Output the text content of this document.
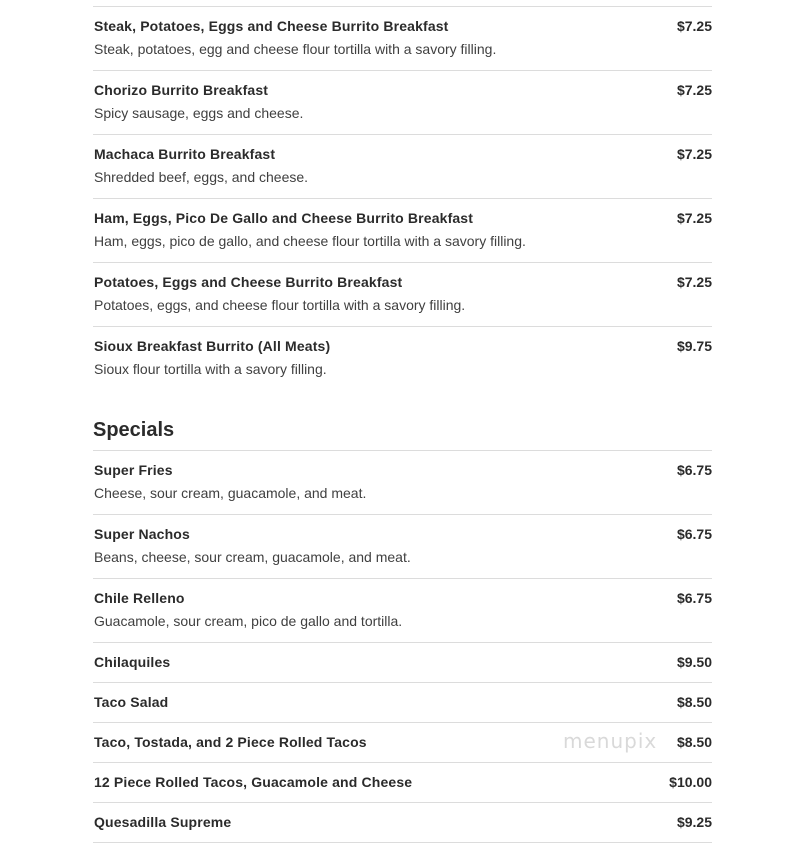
Steak, Potatoes, Eggs and Cheese Burrito Breakfast	$7.25
Steak, potatoes, egg and cheese flour tortilla with a savory filling.
Chorizo Burrito Breakfast	$7.25
Spicy sausage, eggs and cheese.
Machaca Burrito Breakfast	$7.25
Shredded beef, eggs, and cheese.
Ham, Eggs, Pico De Gallo and Cheese Burrito Breakfast	$7.25
Ham, eggs, pico de gallo, and cheese flour tortilla with a savory filling.
Potatoes, Eggs and Cheese Burrito Breakfast	$7.25
Potatoes, eggs, and cheese flour tortilla with a savory filling.
Sioux Breakfast Burrito (All Meats)	$9.75
Sioux flour tortilla with a savory filling.
Specials
Super Fries	$6.75
Cheese, sour cream, guacamole, and meat.
Super Nachos	$6.75
Beans, cheese, sour cream, guacamole, and meat.
Chile Relleno	$6.75
Guacamole, sour cream, pico de gallo and tortilla.
Chilaquiles	$9.50
Taco Salad	$8.50
Taco, Tostada, and 2 Piece Rolled Tacos	$8.50
12 Piece Rolled Tacos, Guacamole and Cheese	$10.00
Quesadilla Supreme	$9.25
menupix
